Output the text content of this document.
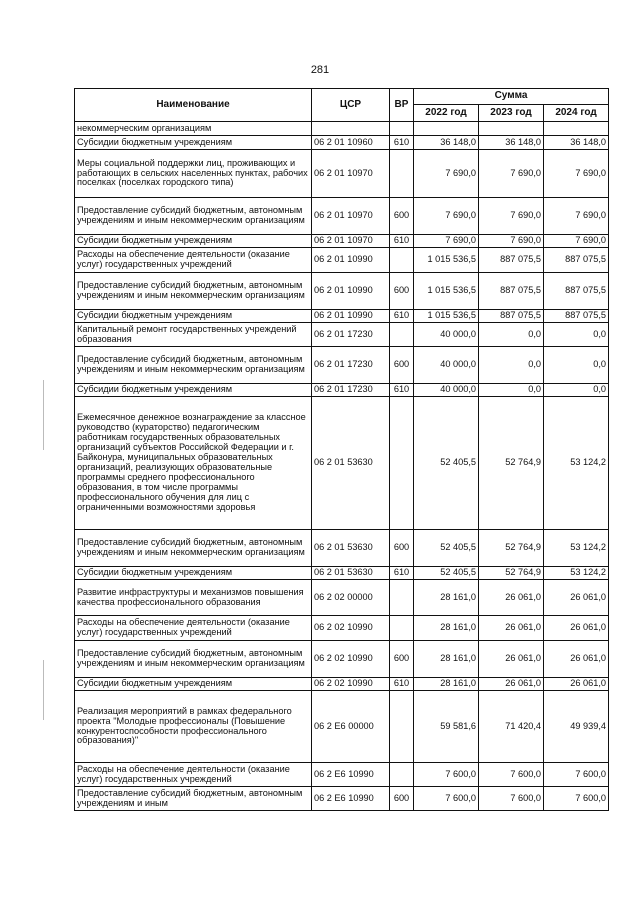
281
Наименование	ЦСР	ВР	Сумма		
			2022 год	2023 год	2024 год
некоммерческим организациям					
Субсидии бюджетным учреждениям	06 2 01 10960	610	36 148,0	36 148,0	36 148,0
Меры социальной поддержки лиц, проживающих и работающих в сельских населенных пунктах, рабочих поселках (поселках городского типа)	06 2 01 10970		7 690,0	7 690,0	7 690,0
Предоставление субсидий бюджетным, автономным учреждениям и иным некоммерческим организациям	06 2 01 10970	600	7 690,0	7 690,0	7 690,0
Субсидии бюджетным учреждениям	06 2 01 10970	610	7 690,0	7 690,0	7 690,0
Расходы на обеспечение деятельности (оказание услуг) государственных учреждений	06 2 01 10990		1 015 536,5	887 075,5	887 075,5
Предоставление субсидий бюджетным, автономным учреждениям и иным некоммерческим организациям	06 2 01 10990	600	1 015 536,5	887 075,5	887 075,5
Субсидии бюджетным учреждениям	06 2 01 10990	610	1 015 536,5	887 075,5	887 075,5
Капитальный ремонт государственных учреждений образования	06 2 01 17230		40 000,0	0,0	0,0
Предоставление субсидий бюджетным, автономным учреждениям и иным некоммерческим организациям	06 2 01 17230	600	40 000,0	0,0	0,0
Субсидии бюджетным учреждениям	06 2 01 17230	610	40 000,0	0,0	0,0
Ежемесячное денежное вознаграждение за классное руководство (кураторство) педагогическим работникам государственных образовательных организаций субъектов Российской Федерации и г. Байконура, муниципальных образовательных организаций, реализующих образовательные программы среднего профессионального образования, в том числе программы профессионального обучения для лиц с ограниченными возможностями здоровья	06 2 01 53630		52 405,5	52 764,9	53 124,2
Предоставление субсидий бюджетным, автономным учреждениям и иным некоммерческим организациям	06 2 01 53630	600	52 405,5	52 764,9	53 124,2
Субсидии бюджетным учреждениям	06 2 01 53630	610	52 405,5	52 764,9	53 124,2
Развитие инфраструктуры и механизмов повышения качества профессионального образования	06 2 02 00000		28 161,0	26 061,0	26 061,0
Расходы на обеспечение деятельности (оказание услуг) государственных учреждений	06 2 02 10990		28 161,0	26 061,0	26 061,0
Предоставление субсидий бюджетным, автономным учреждениям и иным некоммерческим организациям	06 2 02 10990	600	28 161,0	26 061,0	26 061,0
Субсидии бюджетным учреждениям	06 2 02 10990	610	28 161,0	26 061,0	26 061,0
Реализация мероприятий в рамках федерального проекта "Молодые профессионалы (Повышение конкурентоспособности профессионального образования)"	06 2 E6 00000		59 581,6	71 420,4	49 939,4
Расходы на обеспечение деятельности (оказание услуг) государственных учреждений	06 2 E6 10990		7 600,0	7 600,0	7 600,0
Предоставление субсидий бюджетным, автономным учреждениям и иным	06 2 E6 10990	600	7 600,0	7 600,0	7 600,0
